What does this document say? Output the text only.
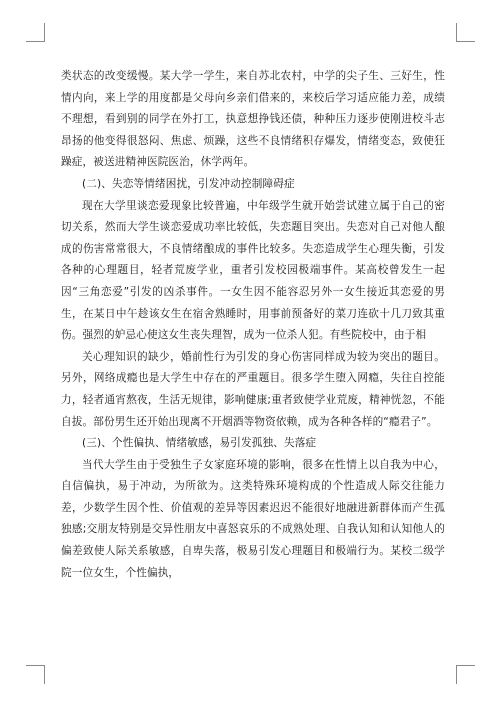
类状态的改变缓慢。某大学一学生，来自苏北农村，中学的尖子生、三好生，性情内向，来上学的用度都是父母向乡亲们借来的，来校后学习适应能力差，成绩不理想，看到别的同学在外打工，执意想挣钱还债，种种压力逐步使刚进校斗志昂扬的他变得很怒闷、焦虑、烦躁，这些不良情绪积存爆发，情绪变态，致使狂躁症，被送进精神医院医治，休学两年。

(二)、失恋等情绪困扰，引发冲动控制障碍症

现在大学里谈恋爱现象比较普遍，中年级学生就开始尝试建立属于自己的密切关系，然而大学生谈恋爱成功率比较低，失恋题目突出。失恋对自己对他人酿成的伤害常常很大，不良情绪酿成的事件比较多。失恋造成学生心理失衡，引发各种的心理题目，轻者荒废学业，重者引发校园极端事件。某高校曾发生一起因“三角恋爱”引发的凶杀事件。一女生因不能容忍另外一女生接近其恋爱的男生，在某日中午趁该女生在宿舍熟睡时，用事前预备好的菜刀连砍十几刀致其重伤。强烈的妒忌心使这女生丧失理智，成为一位杀人犯。有些院校中，由于相

关心理知识的缺少，婚前性行为引发的身心伤害同样成为较为突出的题目。另外，网络成瘾也是大学生中存在的严重题目。很多学生堕入网瘾，失往自控能力，轻者通宵熬夜，生活无规律，影响健康;重者致使学业荒废，精神恍忽，不能自拔。部份男生还开始出现离不开烟酒等物资依赖，成为各种各样的“瘾君子”。

(三)、个性偏执、情绪敏感，易引发孤独、失落症

当代大学生由于受独生子女家庭环境的影响，很多在性情上以自我为中心，自信偏执，易于冲动，为所欲为。这类特殊环境构成的个性造成人际交往能力差，少数学生因个性、价值观的差异等因素迟迟不能很好地融进新群体而产生孤独感;交朋友特别是交异性朋友中喜怒哀乐的不成熟处理、自我认知和认知他人的偏差致使人际关系敏感，自卑失落，极易引发心理题目和极端行为。某校二级学院一位女生，个性偏执，
